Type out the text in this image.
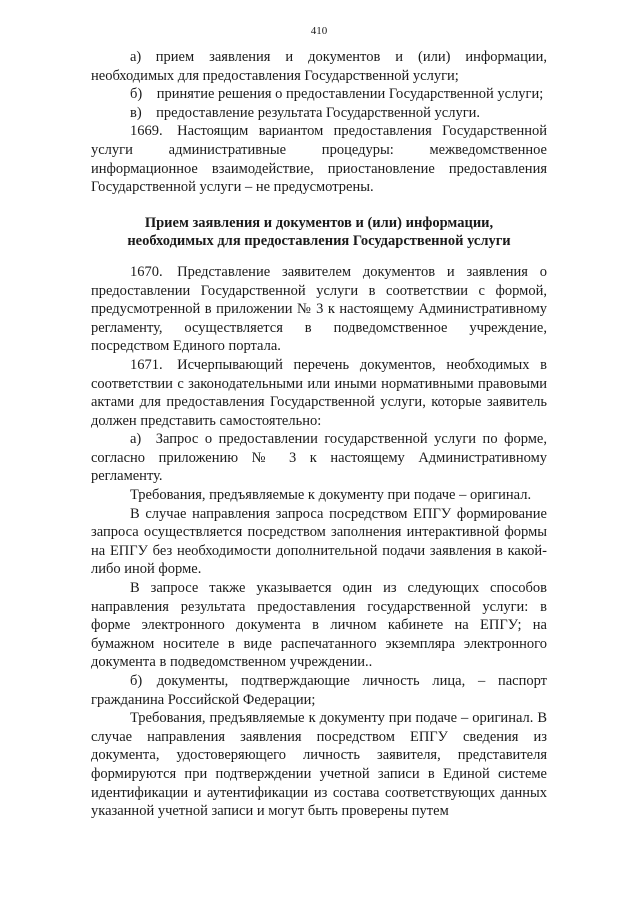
410

а) прием заявления и документов и (или) информации, необходимых для предоставления Государственной услуги;

б) принятие решения о предоставлении Государственной услуги;

в) предоставление результата Государственной услуги.

1669. Настоящим вариантом предоставления Государственной услуги административные процедуры: межведомственное информационное взаимодействие, приостановление предоставления Государственной услуги – не предусмотрены.

Прием заявления и документов и (или) информации,

необходимых для предоставления Государственной услуги

1670. Представление заявителем документов и заявления о предоставлении Государственной услуги в соответствии с формой, предусмотренной в приложении № 3 к настоящему Административному регламенту, осуществляется в подведомственное учреждение, посредством Единого портала.

1671. Исчерпывающий перечень документов, необходимых в соответствии с законодательными или иными нормативными правовыми актами для предоставления Государственной услуги, которые заявитель должен представить самостоятельно:

а) Запрос о предоставлении государственной услуги по форме, согласно приложению № 3 к настоящему Административному регламенту.

Требования, предъявляемые к документу при подаче – оригинал.

В случае направления запроса посредством ЕПГУ формирование запроса осуществляется посредством заполнения интерактивной формы на ЕПГУ без необходимости дополнительной подачи заявления в какой-либо иной форме.

В запросе также указывается один из следующих способов направления результата предоставления государственной услуги: в форме электронного документа в личном кабинете на ЕПГУ; на бумажном носителе в виде распечатанного экземпляра электронного документа в подведомственном учреждении..

б) документы, подтверждающие личность лица, – паспорт гражданина Российской Федерации;

Требования, предъявляемые к документу при подаче – оригинал. В случае направления заявления посредством ЕПГУ сведения из документа, удостоверяющего личность заявителя, представителя формируются при подтверждении учетной записи в Единой системе идентификации и аутентификации из состава соответствующих данных указанной учетной записи и могут быть проверены путем
